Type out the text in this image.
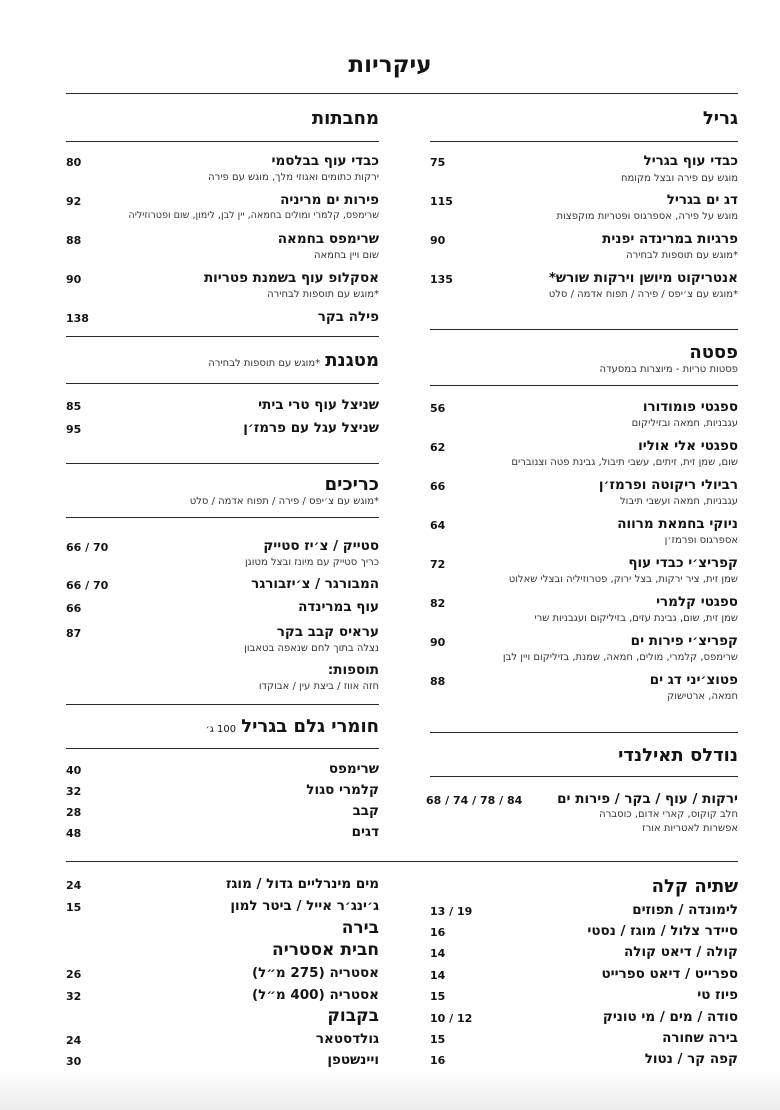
עיקריות
גריל
כבדי עוף בגריל
75
מוגש עם פירה ובצל מקומח
דג ים בגריל
115
מוגש על פירה, אספרגוס ופטריות מוקפצות
פרגיות במרינדה יפנית
90
*מוגש עם תוספות לבחירה
אנטריקוט מיושן וירקות שורש*
135
*מוגש עם צ׳יפס / פירה / תפוח אדמה / סלט
פסטה
פסטות טריות - מיוצרות במסעדה
ספגטי פומודורו
56
עגבניות, חמאה ובזיליקום
ספגטי אלי אוליו
62
שום, שמן זית, זיתים, עשבי תיבול, גבינת פטה וצנוברים
רביולי ריקוטה ופרמז׳ן
66
עגבניות, חמאה ועשבי תיבול
ניוקי בחמאת מרווה
64
אספרגוס ופרמז׳ן
קפריצ׳י כבדי עוף
72
שמן זית, ציר ירקות, בצל ירוק, פטרוזיליה ובצלי שאלוט
ספגטי קלמרי
82
שמן זית, שום, גבינת עזים, בזיליקום ועגבניות שרי
קפריצ׳י פירות ים
90
שרימפס, קלמרי, מולים, חמאה, שמנת, בזיליקום ויין לבן
פטוצ׳יני דג ים
88
חמאה, ארטישוק
נודלס תאילנדי
ירקות / עוף / בקר / פירות ים
חלב קוקוס, קארי אדום, כוסברה
אפשרות לאטריות אורז
68 / 74 / 78 / 84
מחבתות
כבדי עוף בבלסמי
80
ירקות כתומים ואגוזי מלך, מוגש עם פירה
פירות ים מריניה
92
שרימפס, קלמרי ומולים בחמאה, יין לבן, לימון, שום ופטרוזיליה
שרימפס בחמאה
88
שום ויין בחמאה
אסקלופ עוף בשמנת פטריות
90
*מוגש עם תוספות לבחירה
פילה בקר
138
מטגנת *מוגש עם תוספות לבחירה
שניצל עוף טרי ביתי
85
שניצל עגל עם פרמז׳ן
95
כריכים
*מוגש עם צ׳יפס / פירה / תפוח אדמה / סלט
סטייק / צ׳יז סטייק
66 / 70
כריך סטייק עם מיונז ובצל מטוגן
המבורגר / צ׳יזבורגר
66 / 70
עוף במרינדה
66
עראיס קבב בקר
87
נצלה בתוך לחם שנאפה בטאבון
תוספות:
חזה אווז / ביצת עין / אבוקדו
חומרי גלם בגריל 100 ג׳
שרימפס
40
קלמרי סגול
32
קבב
28
דגים
48
שתיה קלה
לימונדה / תפוזים
13 / 19
סיידר צלול / מוגז / נסטי
16
קולה / דיאט קולה
14
ספרייט / דיאט ספרייט
14
פיוז טי
15
סודה / מים / מי טוניק
10 / 12
בירה שחורה
15
קפה קר / נטול
16
מים מינרליים גדול / מוגז
24
ג׳ינג׳ר אייל / ביטר למון
15
בירה
חבית אסטריה
אסטריה (275 מ״ל)
26
אסטריה (400 מ״ל)
32
בקבוק
גולדסטאר
24
ויינשטפן
30
